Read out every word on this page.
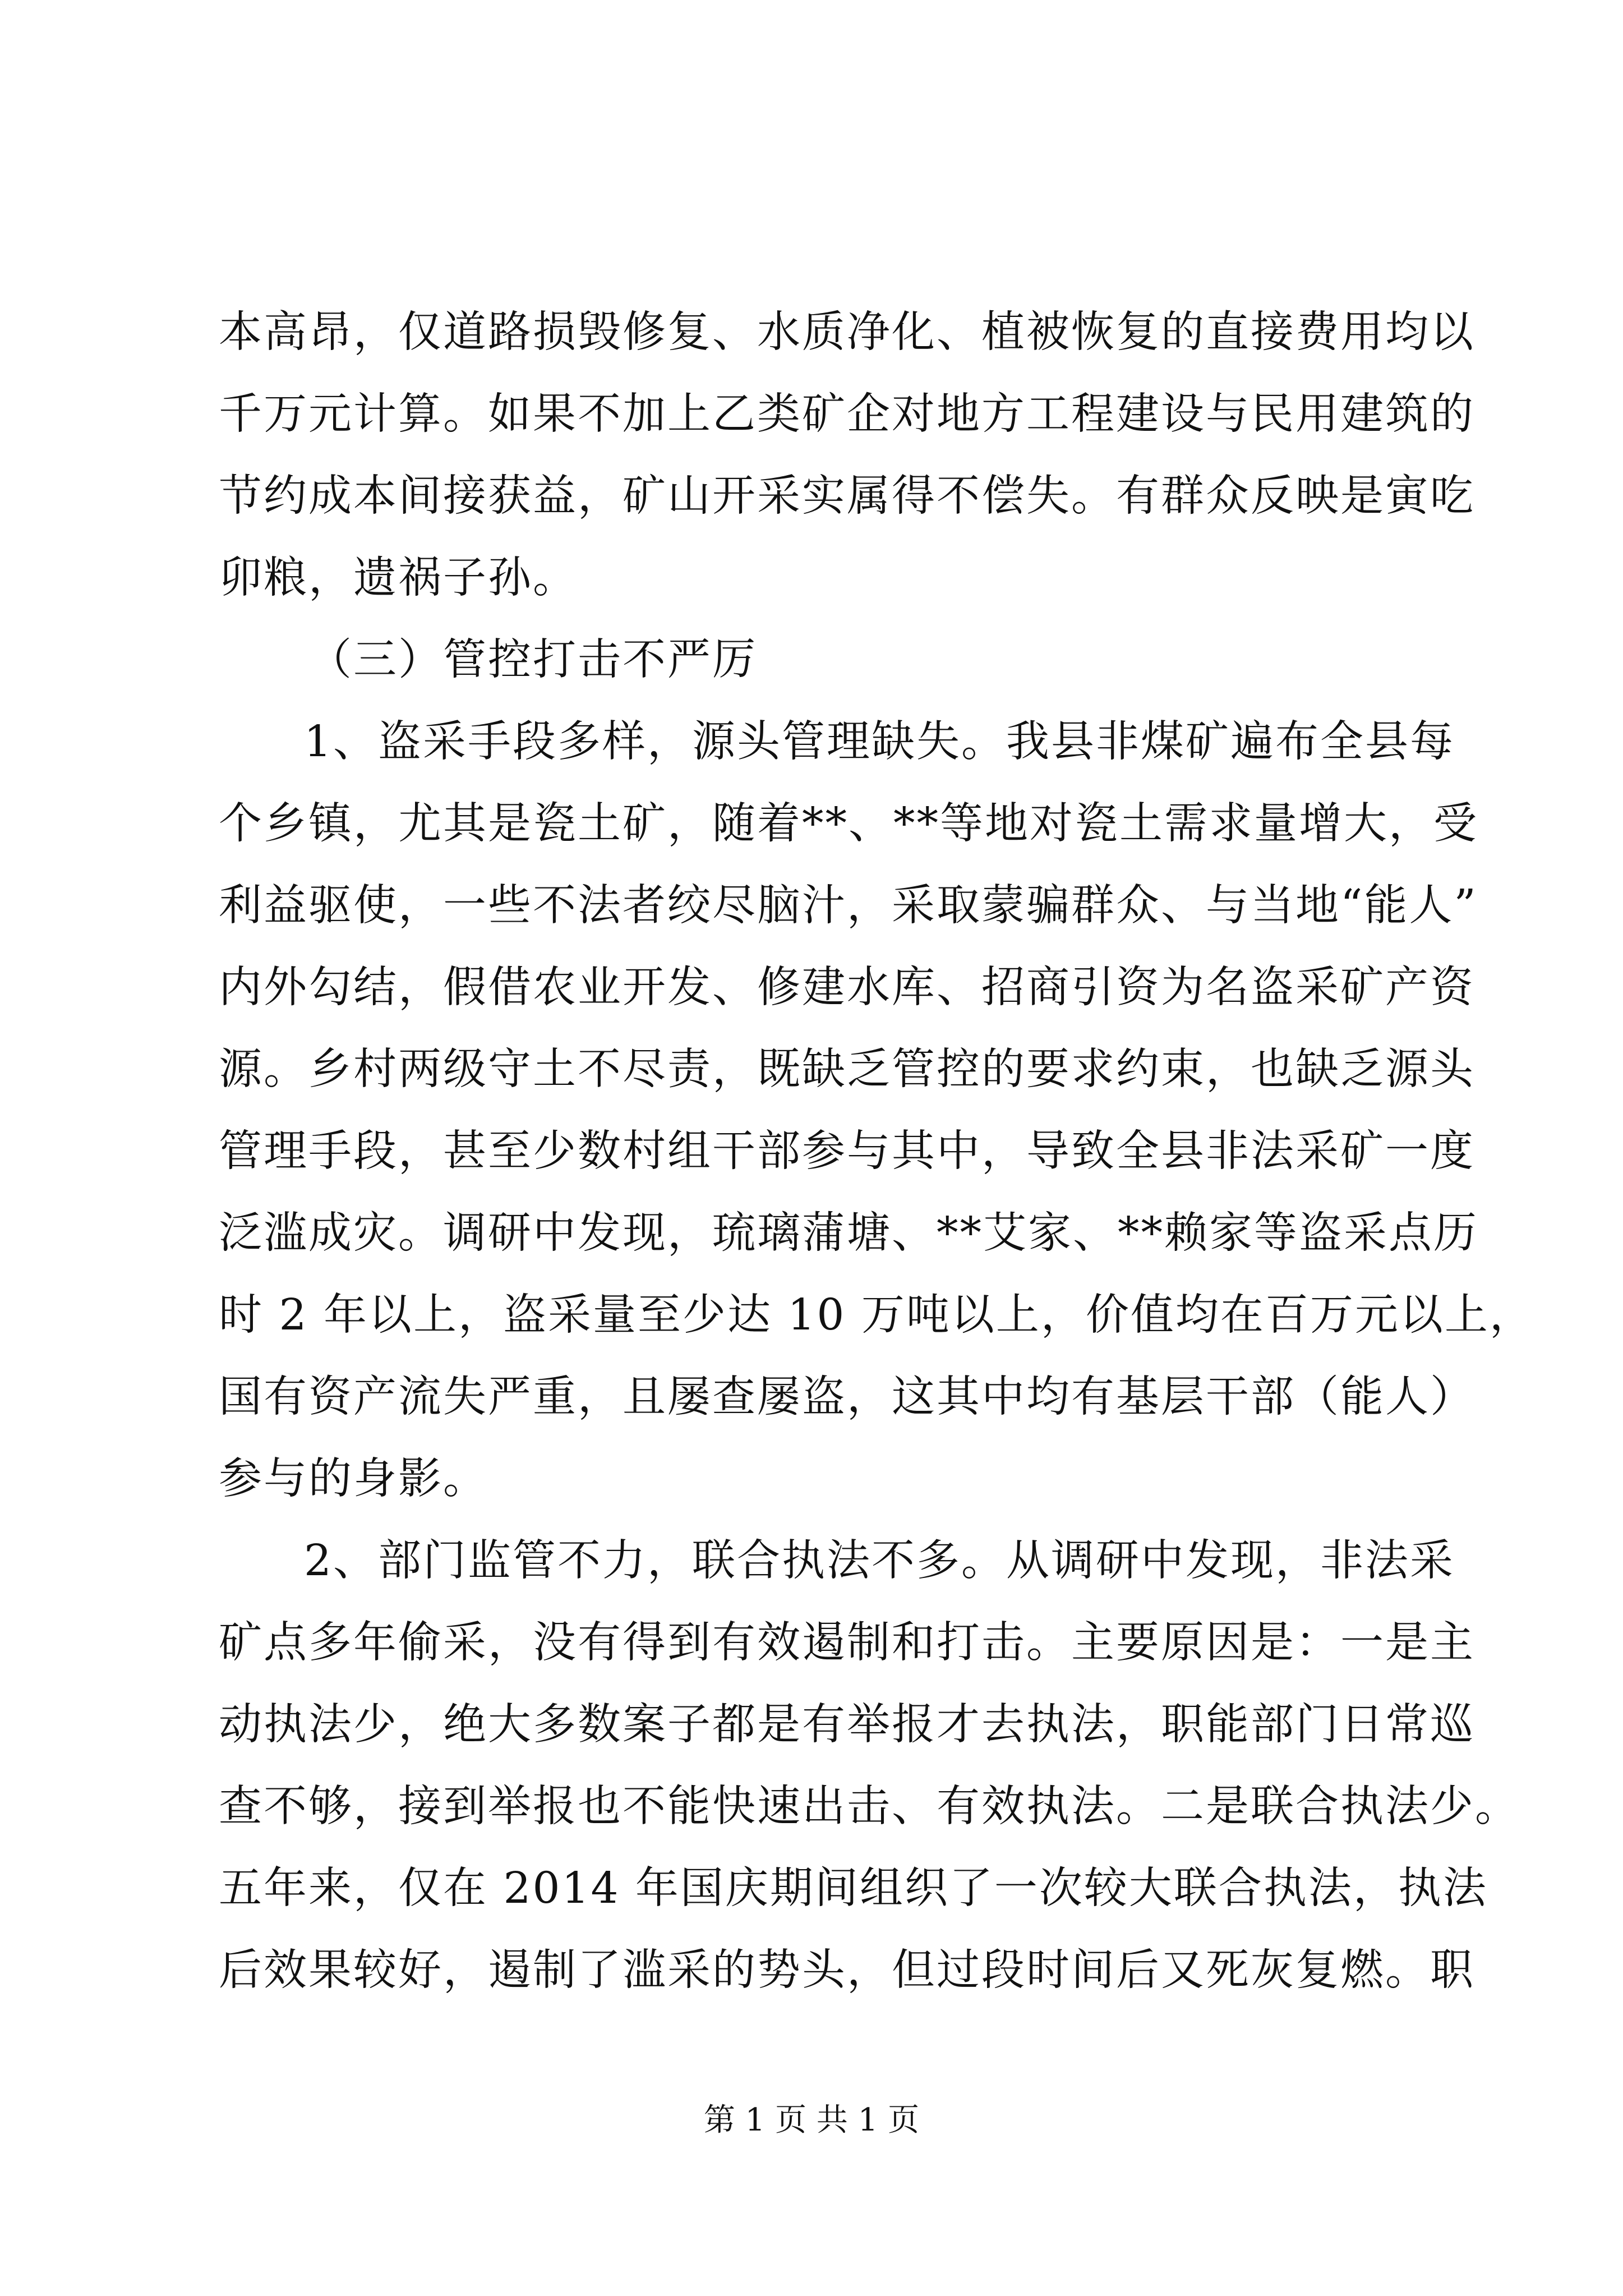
本高昂，仅道路损毁修复、水质净化、植被恢复的直接费用均以
千万元计算。如果不加上乙类矿企对地方工程建设与民用建筑的
节约成本间接获益，矿山开采实属得不偿失。有群众反映是寅吃
卯粮，遗祸子孙。
（三）管控打击不严厉
1、盗采手段多样，源头管理缺失。我县非煤矿遍布全县每
个乡镇，尤其是瓷土矿，随着**、**等地对瓷土需求量增大，受
利益驱使，一些不法者绞尽脑汁，采取蒙骗群众、与当地“能人”
内外勾结，假借农业开发、修建水库、招商引资为名盗采矿产资
源。乡村两级守土不尽责，既缺乏管控的要求约束，也缺乏源头
管理手段，甚至少数村组干部参与其中，导致全县非法采矿一度
泛滥成灾。调研中发现，琉璃蒲塘、**艾家、**赖家等盗采点历
时 2 年以上，盗采量至少达 10 万吨以上，价值均在百万元以上，
国有资产流失严重，且屡查屡盗，这其中均有基层干部（能人）
参与的身影。
2、部门监管不力，联合执法不多。从调研中发现，非法采
矿点多年偷采，没有得到有效遏制和打击。主要原因是：一是主
动执法少，绝大多数案子都是有举报才去执法，职能部门日常巡
查不够，接到举报也不能快速出击、有效执法。二是联合执法少。
五年来，仅在 2014 年国庆期间组织了一次较大联合执法，执法
后效果较好，遏制了滥采的势头，但过段时间后又死灰复燃。职
第 1 页 共 1 页
